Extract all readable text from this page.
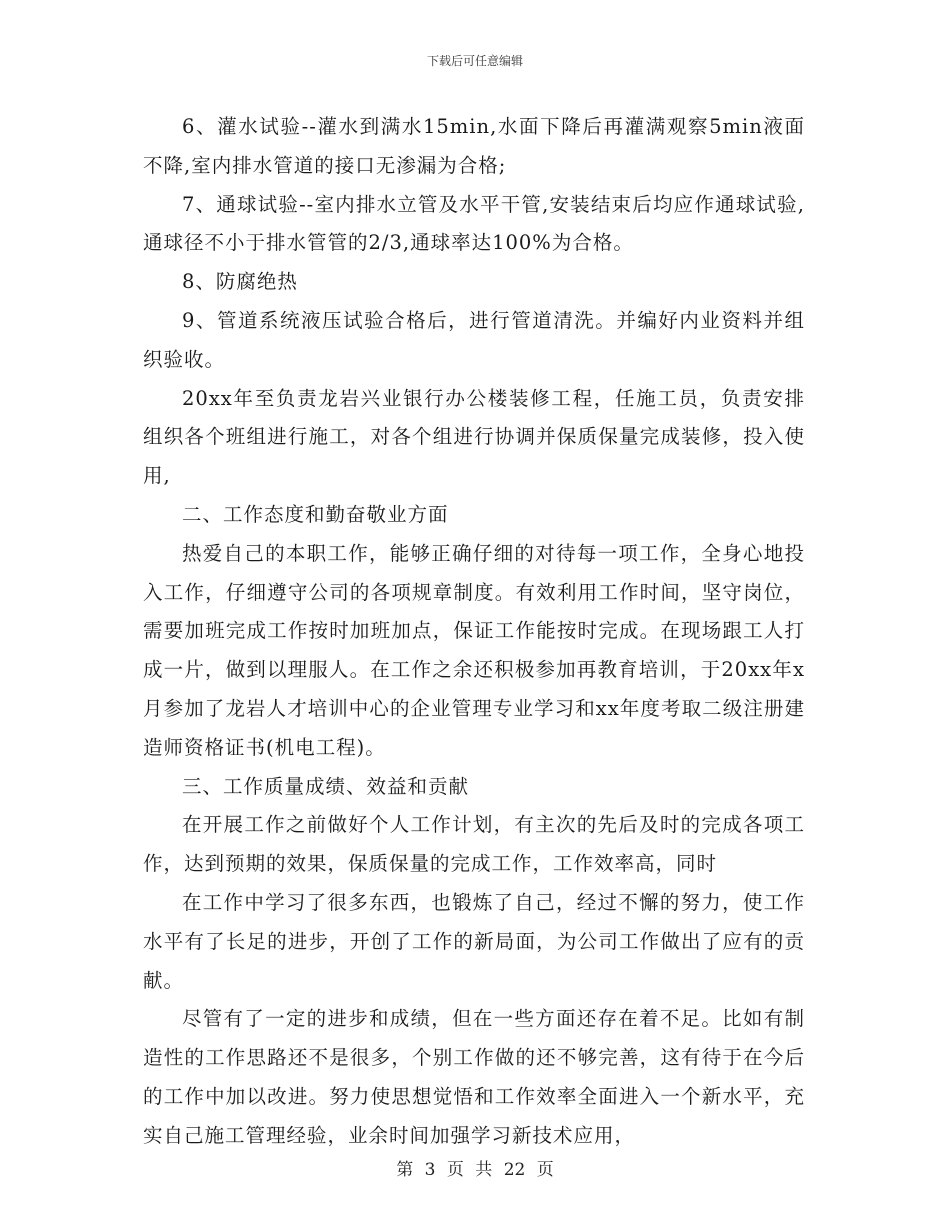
下载后可任意编辑

6、灌水试验--灌水到满水15min,水面下降后再灌满观察5min液面不降,室内排水管道的接口无渗漏为合格;

7、通球试验--室内排水立管及水平干管,安装结束后均应作通球试验,通球径不小于排水管管的2/3,通球率达100%为合格。

8、防腐绝热

9、管道系统液压试验合格后，进行管道清洗。并编好内业资料并组织验收。

20xx年至负责龙岩兴业银行办公楼装修工程，任施工员，负责安排组织各个班组进行施工，对各个组进行协调并保质保量完成装修，投入使用,

二、工作态度和勤奋敬业方面

热爱自己的本职工作，能够正确仔细的对待每一项工作，全身心地投入工作，仔细遵守公司的各项规章制度。有效利用工作时间，坚守岗位，需要加班完成工作按时加班加点，保证工作能按时完成。在现场跟工人打成一片，做到以理服人。在工作之余还积极参加再教育培训，于20xx年x月参加了龙岩人才培训中心的企业管理专业学习和xx年度考取二级注册建造师资格证书(机电工程)。

三、工作质量成绩、效益和贡献

在开展工作之前做好个人工作计划，有主次的先后及时的完成各项工作，达到预期的效果，保质保量的完成工作，工作效率高，同时

在工作中学习了很多东西，也锻炼了自己，经过不懈的努力，使工作水平有了长足的进步，开创了工作的新局面，为公司工作做出了应有的贡献。

尽管有了一定的进步和成绩，但在一些方面还存在着不足。比如有制造性的工作思路还不是很多，个别工作做的还不够完善，这有待于在今后的工作中加以改进。努力使思想觉悟和工作效率全面进入一个新水平，充实自己施工管理经验，业余时间加强学习新技术应用，

第 3 页 共 22 页
